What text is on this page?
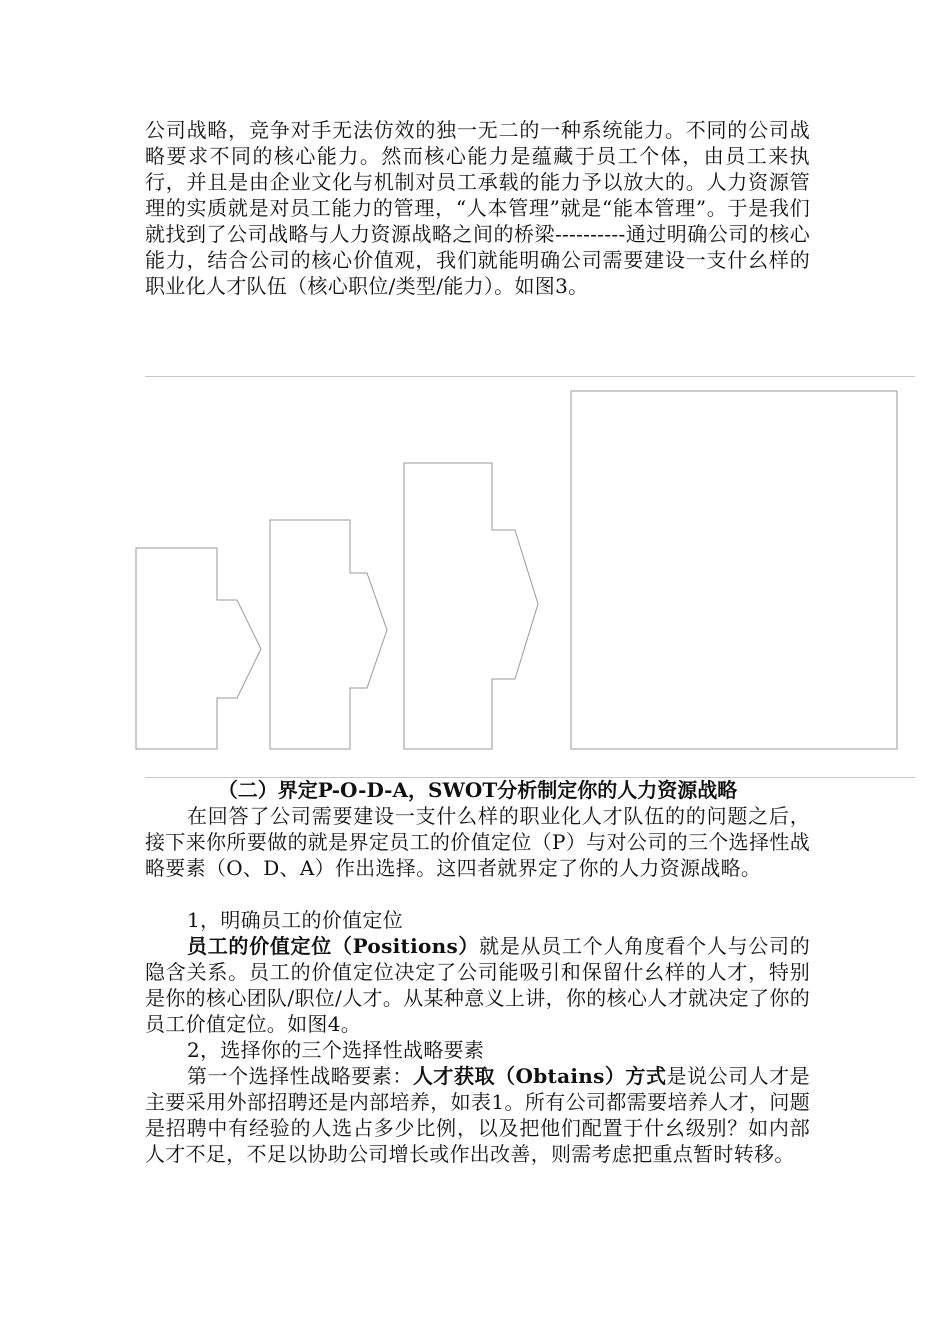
公司战略，竞争对手无法仿效的独一无二的一种系统能力。不同的公司战略要求不同的核心能力。然而核心能力是蕴藏于员工个体，由员工来执行，并且是由企业文化与机制对员工承载的能力予以放大的。人力资源管理的实质就是对员工能力的管理，“人本管理”就是“能本管理”。于是我们就找到了公司战略与人力资源战略之间的桥梁----------通过明确公司的核心能力，结合公司的核心价值观，我们就能明确公司需要建设一支什幺样的职业化人才队伍（核心职位/类型/能力）。如图3。

（二）界定P-O-D-A，SWOT分析制定你的人力资源战略

在回答了公司需要建设一支什么样的职业化人才队伍的的问题之后，接下来你所要做的就是界定员工的价值定位（P）与对公司的三个选择性战略要素（O、D、A）作出选择。这四者就界定了你的人力资源战略。

1，明确员工的价值定位

员工的价值定位（Positions）就是从员工个人角度看个人与公司的隐含关系。员工的价值定位决定了公司能吸引和保留什幺样的人才，特别是你的核心团队/职位/人才。从某种意义上讲，你的核心人才就决定了你的员工价值定位。如图4。

2，选择你的三个选择性战略要素

第一个选择性战略要素：人才获取（Obtains）方式是说公司人才是主要采用外部招聘还是内部培养，如表1。所有公司都需要培养人才，问题是招聘中有经验的人选占多少比例，以及把他们配置于什幺级别？如内部人才不足，不足以协助公司增长或作出改善，则需考虑把重点暂时转移。
